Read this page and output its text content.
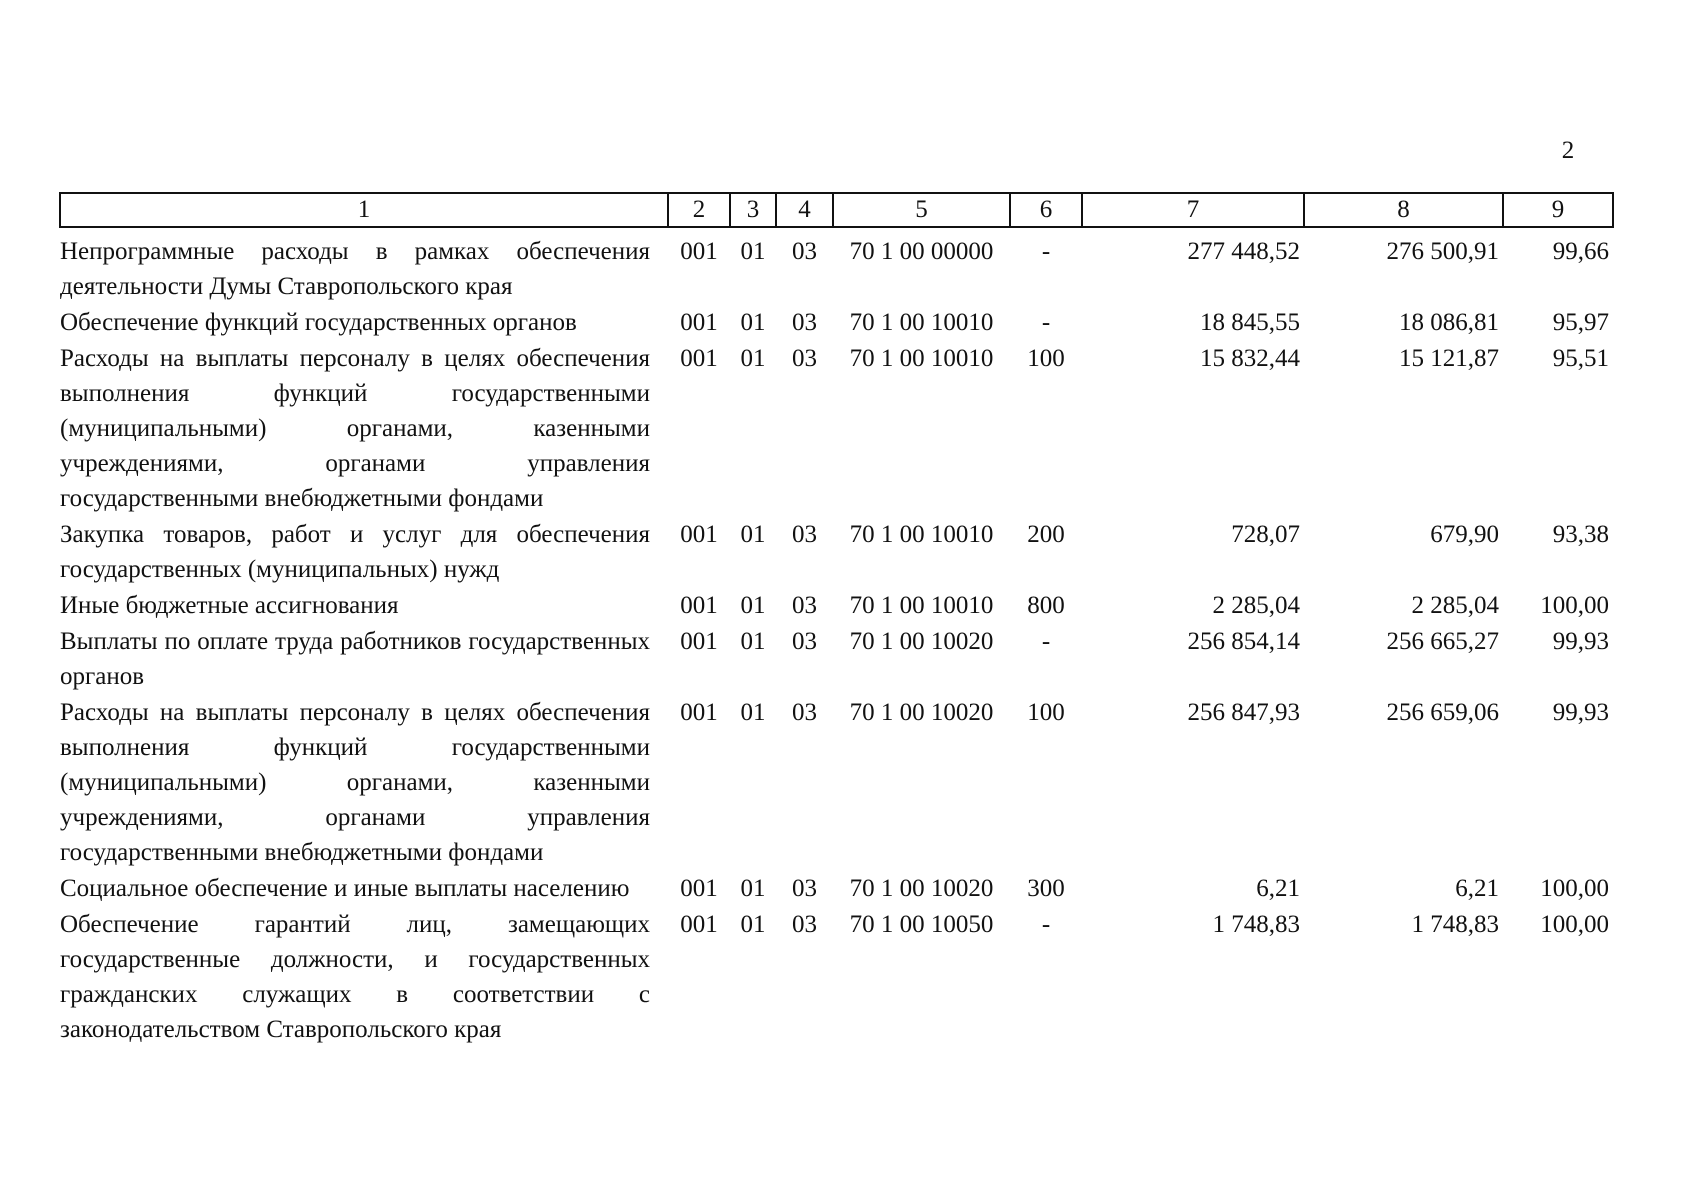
2
1	2	3	4	5	6	7	8	9
Непрограммные расходы в рамках обеспечения деятельности Думы Ставропольского края	001	01	03	70 1 00 00000	-	277 448,52	276 500,91	99,66
Обеспечение функций государственных органов	001	01	03	70 1 00 10010	-	18 845,55	18 086,81	95,97
Расходы на выплаты персоналу в целях обеспечения выполнения функций государственными (муниципальными) органами, казенными учреждениями, органами управления государственными внебюджетными фондами	001	01	03	70 1 00 10010	100	15 832,44	15 121,87	95,51
Закупка товаров, работ и услуг для обеспечения государственных (муниципальных) нужд	001	01	03	70 1 00 10010	200	728,07	679,90	93,38
Иные бюджетные ассигнования	001	01	03	70 1 00 10010	800	2 285,04	2 285,04	100,00
Выплаты по оплате труда работников государственных органов	001	01	03	70 1 00 10020	-	256 854,14	256 665,27	99,93
Расходы на выплаты персоналу в целях обеспечения выполнения функций государственными (муниципальными) органами, казенными учреждениями, органами управления государственными внебюджетными фондами	001	01	03	70 1 00 10020	100	256 847,93	256 659,06	99,93
Социальное обеспечение и иные выплаты населению	001	01	03	70 1 00 10020	300	6,21	6,21	100,00
Обеспечение гарантий лиц, замещающих государственные должности, и государственных гражданских служащих в соответствии с законодательством Ставропольского края	001	01	03	70 1 00 10050	-	1 748,83	1 748,83	100,00
